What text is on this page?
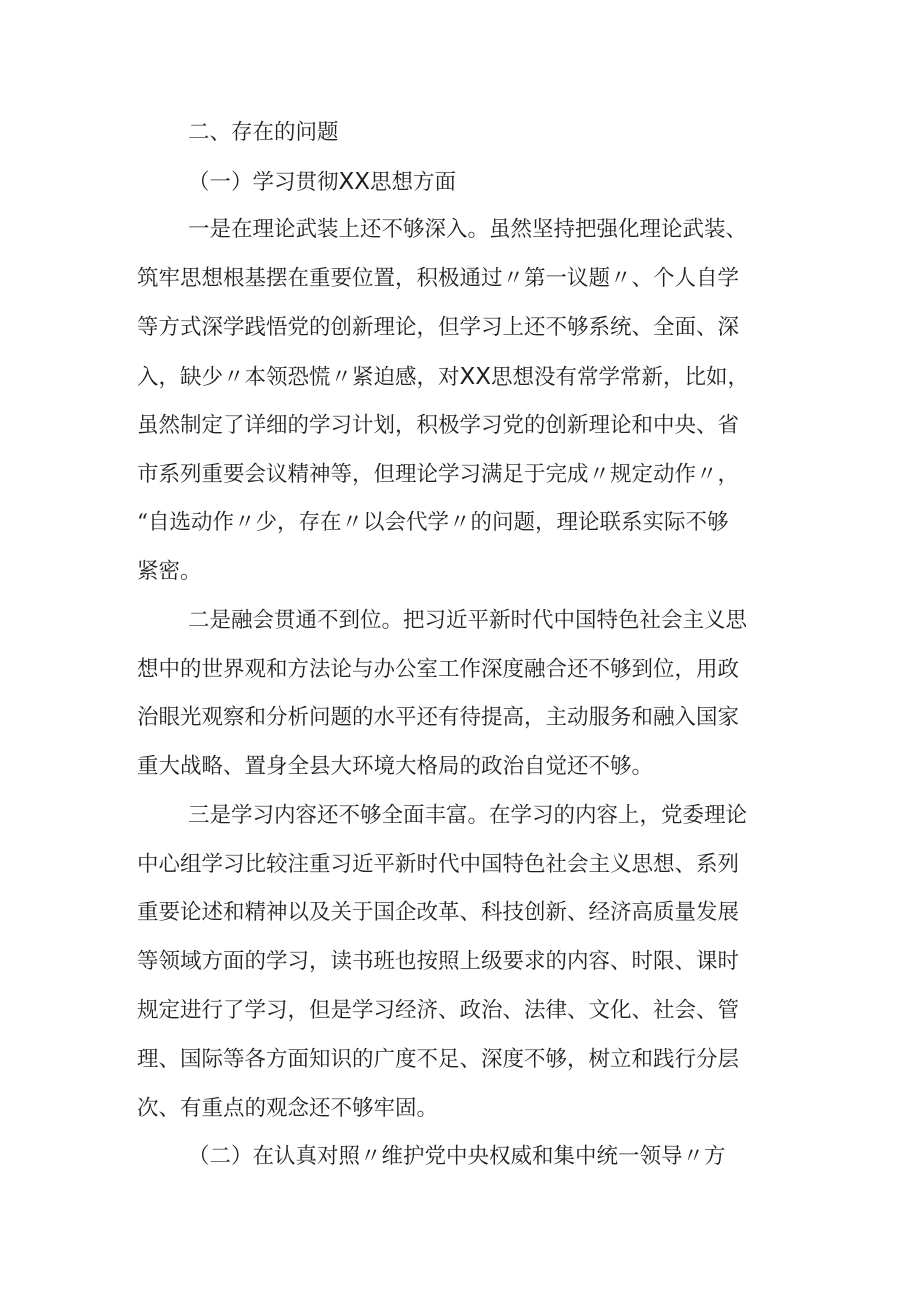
二、存在的问题
（一）学习贯彻XX思想方面
一是在理论武装上还不够深入。虽然坚持把强化理论武装、
筑牢思想根基摆在重要位置，积极通过〃第一议题〃、个人自学
等方式深学践悟党的创新理论，但学习上还不够系统、全面、深
入，缺少〃本领恐慌〃紧迫感，对XX思想没有常学常新，比如，
虽然制定了详细的学习计划，积极学习党的创新理论和中央、省
市系列重要会议精神等，但理论学习满足于完成〃规定动作〃，
“自选动作〃少，存在〃以会代学〃的问题，理论联系实际不够
紧密。
二是融会贯通不到位。把习近平新时代中国特色社会主义思
想中的世界观和方法论与办公室工作深度融合还不够到位，用政
治眼光观察和分析问题的水平还有待提高，主动服务和融入国家
重大战略、置身全县大环境大格局的政治自觉还不够。
三是学习内容还不够全面丰富。在学习的内容上，党委理论
中心组学习比较注重习近平新时代中国特色社会主义思想、系列
重要论述和精神以及关于国企改革、科技创新、经济高质量发展
等领域方面的学习，读书班也按照上级要求的内容、时限、课时
规定进行了学习，但是学习经济、政治、法律、文化、社会、管
理、国际等各方面知识的广度不足、深度不够，树立和践行分层
次、有重点的观念还不够牢固。
（二）在认真对照〃维护党中央权威和集中统一领导〃方
